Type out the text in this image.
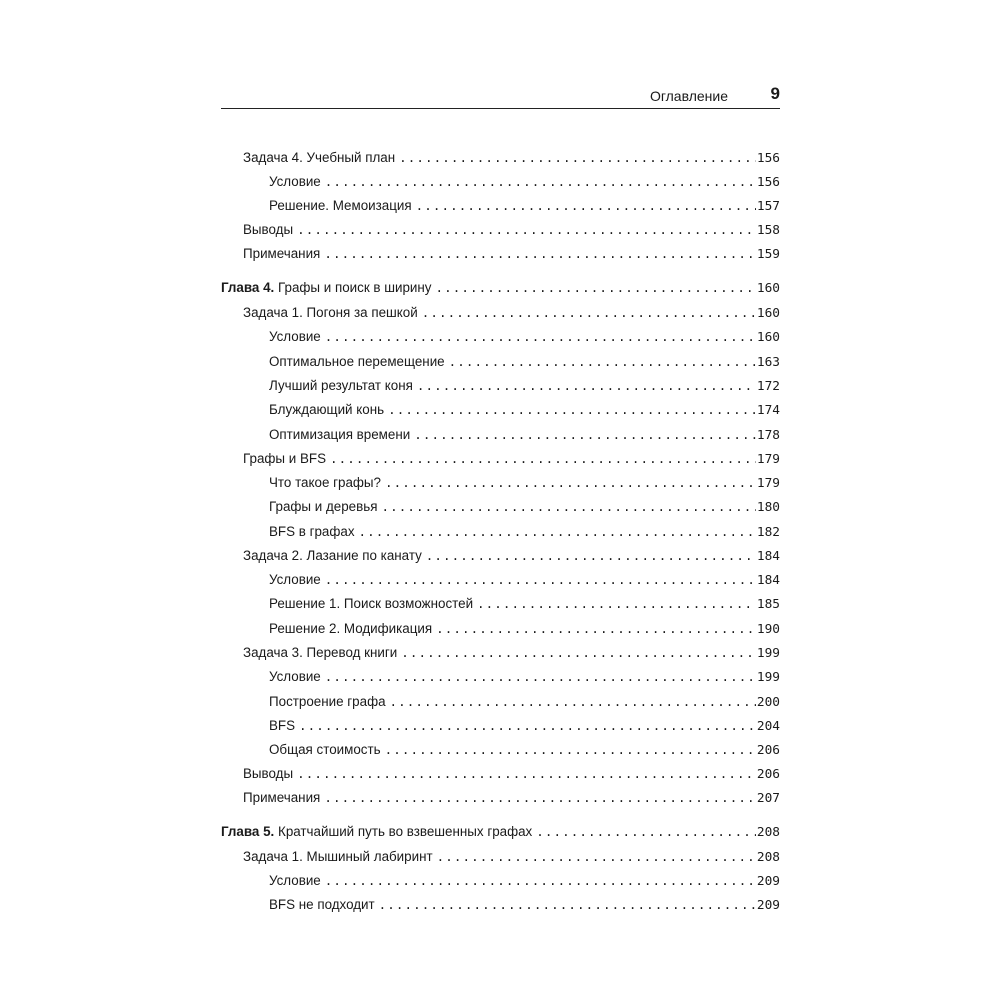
Оглавление	9
Задача 4. Учебный план .....	156
Условие .....	156
Решение. Мемоизация .....	157
Выводы .....	158
Примечания .....	159
Глава 4. Графы и поиск в ширину .....	160
Задача 1. Погоня за пешкой .....	160
Условие .....	160
Оптимальное перемещение .....	163
Лучший результат коня .....	172
Блуждающий конь .....	174
Оптимизация времени .....	178
Графы и BFS .....	179
Что такое графы? .....	179
Графы и деревья .....	180
BFS в графах .....	182
Задача 2. Лазание по канату .....	184
Условие .....	184
Решение 1. Поиск возможностей .....	185
Решение 2. Модификация .....	190
Задача 3. Перевод книги .....	199
Условие .....	199
Построение графа .....	200
BFS .....	204
Общая стоимость .....	206
Выводы .....	206
Примечания .....	207
Глава 5. Кратчайший путь во взвешенных графах .....	208
Задача 1. Мышиный лабиринт .....	208
Условие .....	209
BFS не подходит .....	209
